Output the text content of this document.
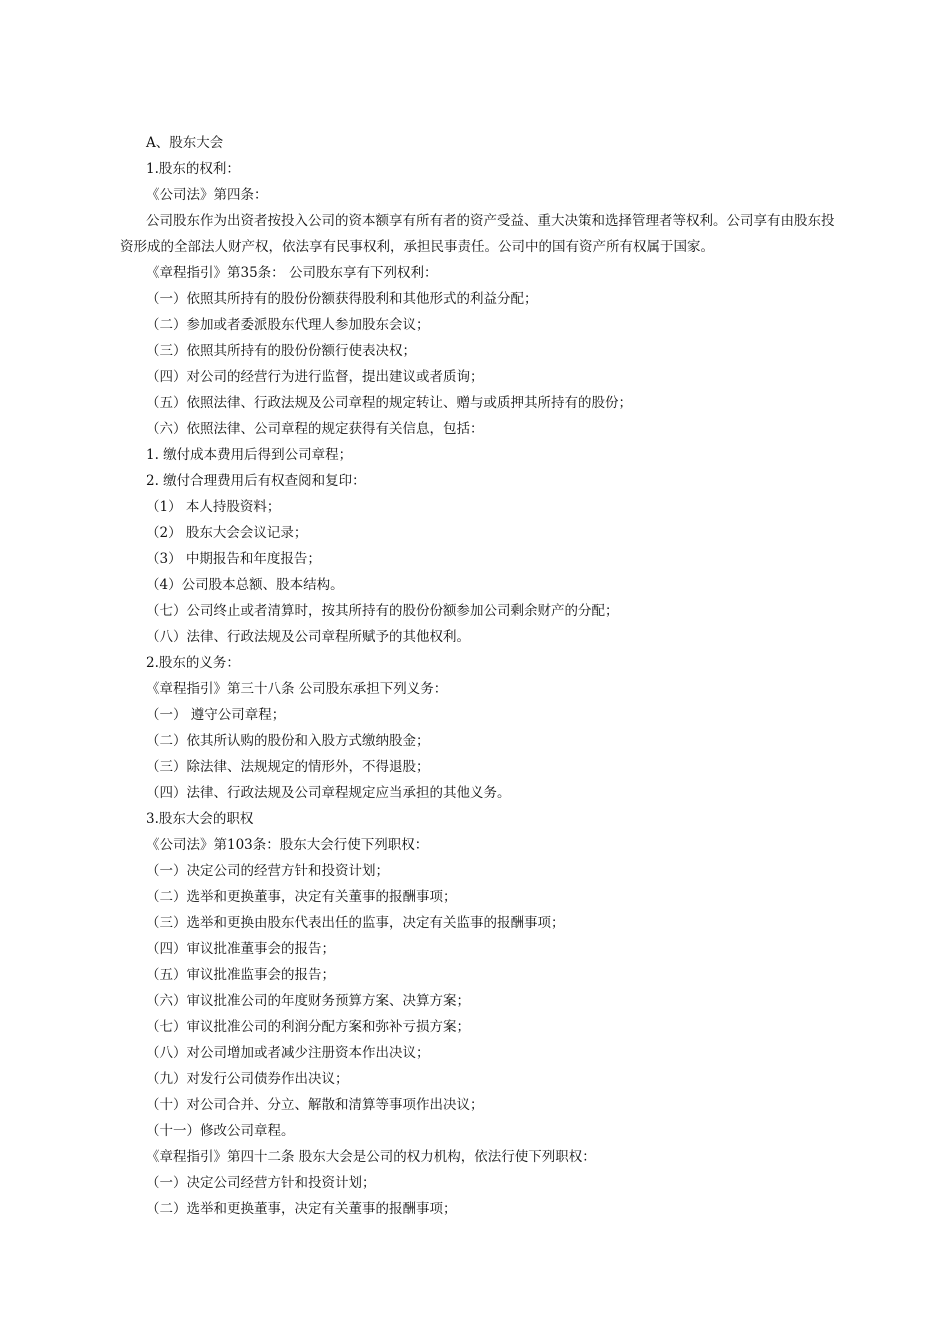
A、股东大会
1.股东的权利：
《公司法》第四条：
公司股东作为出资者按投入公司的资本额享有所有者的资产受益、重大决策和选择管理者等权利。公司享有由股东投资形成的全部法人财产权，依法享有民事权利，承担民事责任。公司中的国有资产所有权属于国家。
《章程指引》第35条： 公司股东享有下列权利：
（一）依照其所持有的股份份额获得股利和其他形式的利益分配；
（二）参加或者委派股东代理人参加股东会议；
（三）依照其所持有的股份份额行使表决权；
（四）对公司的经营行为进行监督，提出建议或者质询；
（五）依照法律、行政法规及公司章程的规定转让、赠与或质押其所持有的股份；
（六）依照法律、公司章程的规定获得有关信息，包括：
1. 缴付成本费用后得到公司章程；
2. 缴付合理费用后有权查阅和复印：
（1） 本人持股资料；
（2） 股东大会会议记录；
（3） 中期报告和年度报告；
（4）公司股本总额、股本结构。
（七）公司终止或者清算时，按其所持有的股份份额参加公司剩余财产的分配；
（八）法律、行政法规及公司章程所赋予的其他权利。
2.股东的义务：
《章程指引》第三十八条 公司股东承担下列义务：
（一） 遵守公司章程；
（二）依其所认购的股份和入股方式缴纳股金；
（三）除法律、法规规定的情形外，不得退股；
（四）法律、行政法规及公司章程规定应当承担的其他义务。
3.股东大会的职权
《公司法》第103条：股东大会行使下列职权：
（一）决定公司的经营方针和投资计划；
（二）选举和更换董事，决定有关董事的报酬事项；
（三）选举和更换由股东代表出任的监事，决定有关监事的报酬事项；
（四）审议批准董事会的报告；
（五）审议批准监事会的报告；
（六）审议批准公司的年度财务预算方案、决算方案；
（七）审议批准公司的利润分配方案和弥补亏损方案；
（八）对公司增加或者减少注册资本作出决议；
（九）对发行公司债券作出决议；
（十）对公司合并、分立、解散和清算等事项作出决议；
（十一）修改公司章程。
《章程指引》第四十二条 股东大会是公司的权力机构，依法行使下列职权：
（一）决定公司经营方针和投资计划；
（二）选举和更换董事，决定有关董事的报酬事项；
